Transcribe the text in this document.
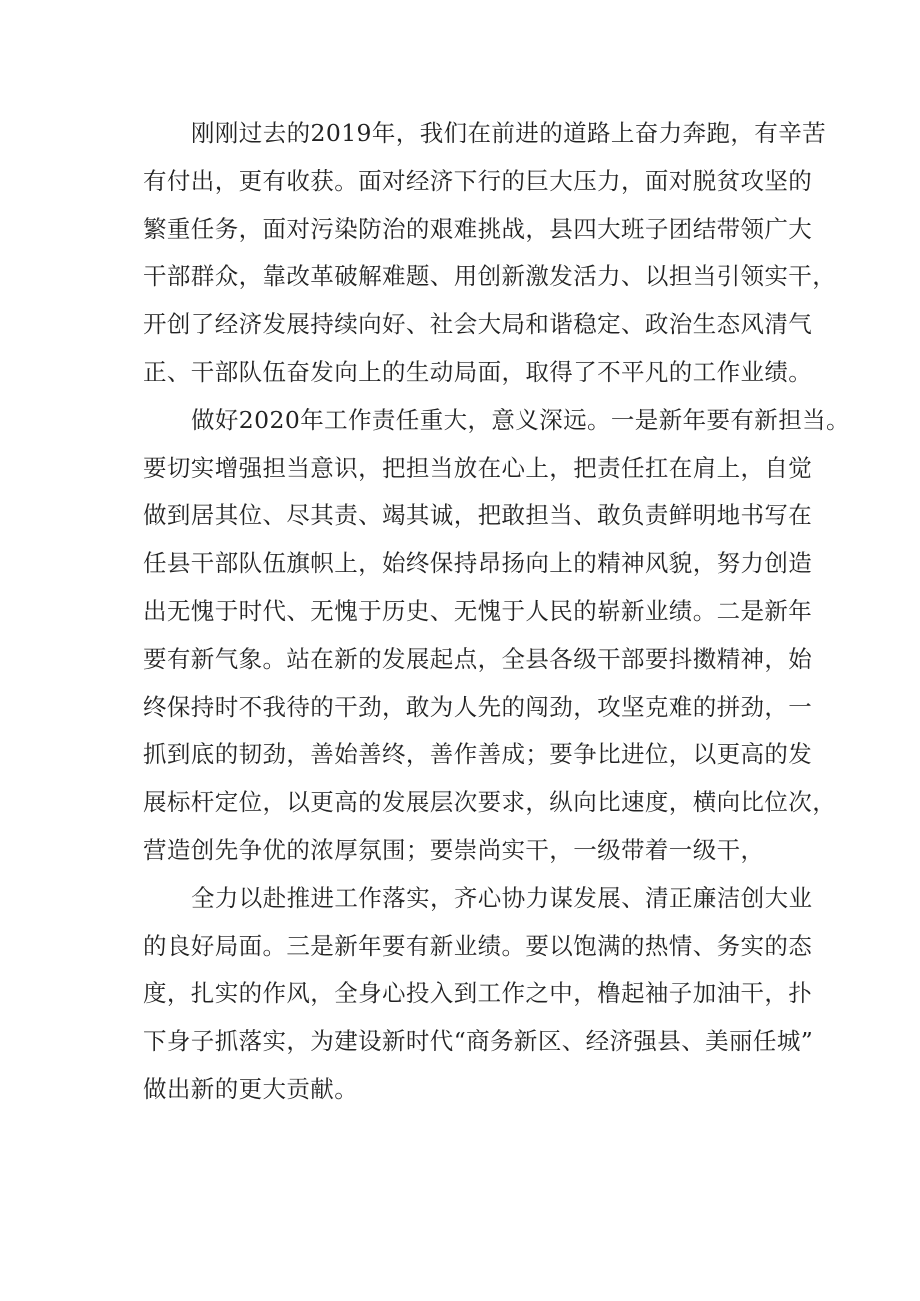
刚刚过去的2019年，我们在前进的道路上奋力奔跑，有辛苦
有付出，更有收获。面对经济下行的巨大压力，面对脱贫攻坚的
繁重任务，面对污染防治的艰难挑战，县四大班子团结带领广大
干部群众，靠改革破解难题、用创新激发活力、以担当引领实干，
开创了经济发展持续向好、社会大局和谐稳定、政治生态风清气
正、干部队伍奋发向上的生动局面，取得了不平凡的工作业绩。
做好2020年工作责任重大，意义深远。一是新年要有新担当。
要切实增强担当意识，把担当放在心上，把责任扛在肩上，自觉
做到居其位、尽其责、竭其诚，把敢担当、敢负责鲜明地书写在
任县干部队伍旗帜上，始终保持昂扬向上的精神风貌，努力创造
出无愧于时代、无愧于历史、无愧于人民的崭新业绩。二是新年
要有新气象。站在新的发展起点，全县各级干部要抖擞精神，始
终保持时不我待的干劲，敢为人先的闯劲，攻坚克难的拼劲，一
抓到底的韧劲，善始善终，善作善成；要争比进位，以更高的发
展标杆定位，以更高的发展层次要求，纵向比速度，横向比位次，
营造创先争优的浓厚氛围；要崇尚实干，一级带着一级干，
全力以赴推进工作落实，齐心协力谋发展、清正廉洁创大业
的良好局面。三是新年要有新业绩。要以饱满的热情、务实的态
度，扎实的作风，全身心投入到工作之中，橹起袖子加油干，扑
下身子抓落实，为建设新时代“商务新区、经济强县、美丽任城”
做出新的更大贡献。
